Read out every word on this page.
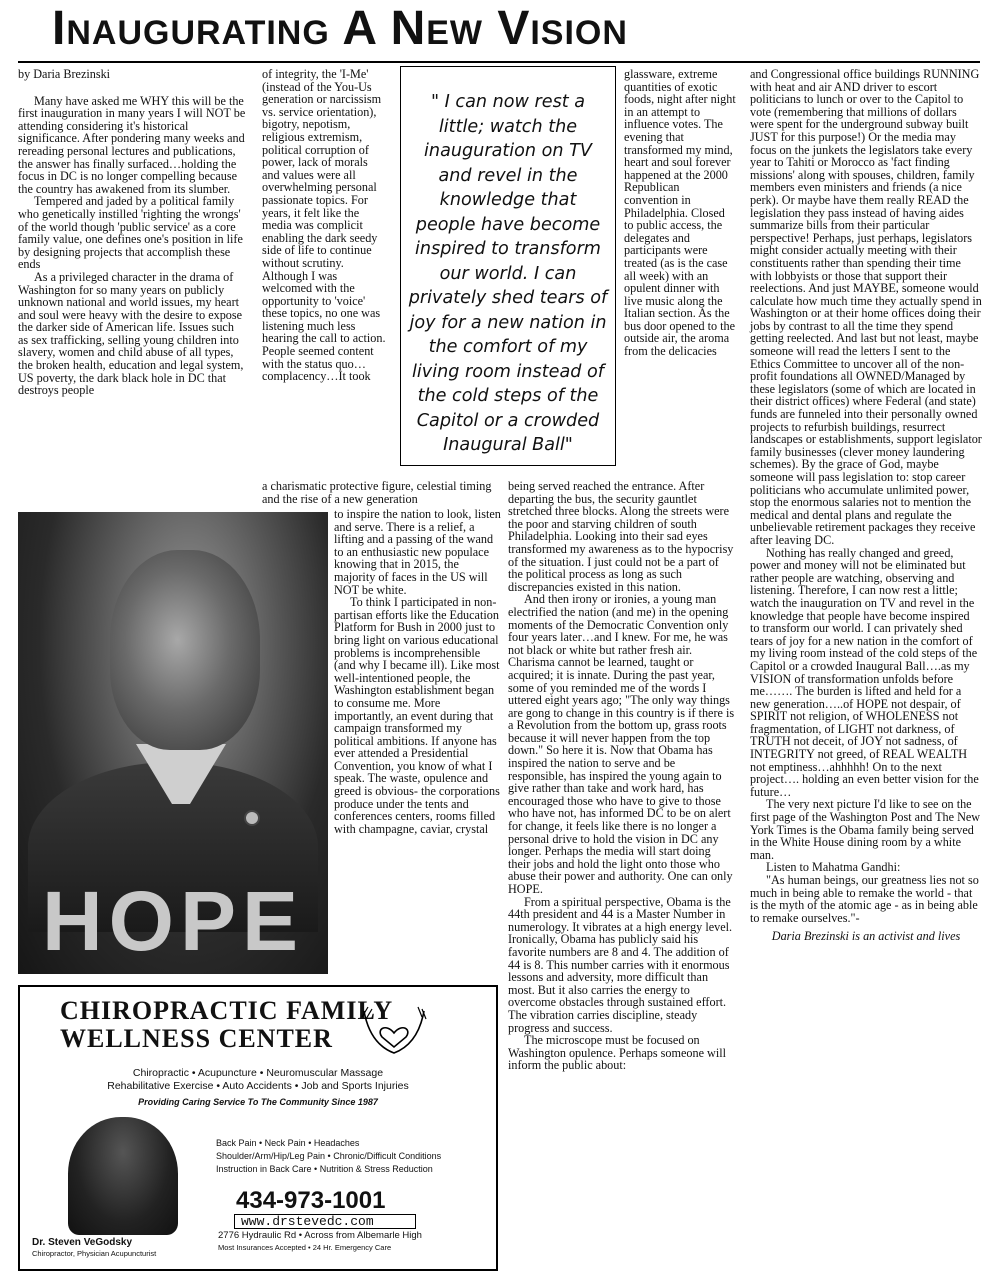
Inaugurating A New Vision

by Daria Brezinski

Many have asked me WHY this will be the first inauguration in many years I will NOT be attending considering it's historical significance. After pondering many weeks and rereading personal lectures and publications, the answer has finally surfaced…holding the focus in DC is no longer compelling because the country has awakened from its slumber.

Tempered and jaded by a political family who genetically instilled 'righting the wrongs' of the world though 'public service' as a core family value, one defines one's position in life by designing projects that accomplish these ends

As a privileged character in the drama of Washington for so many years on publicly unknown national and world issues, my heart and soul were heavy with the desire to expose the darker side of American life. Issues such as sex trafficking, selling young children into slavery, women and child abuse of all types, the broken health, education and legal system, US poverty, the dark black hole in DC that destroys people

of integrity, the 'I-Me' (instead of the You-Us generation or narcissism vs. service orientation), bigotry, nepotism, religious extremism, political corruption of power, lack of morals and values were all overwhelming personal passionate topics. For years, it felt like the media was complicit enabling the dark seedy side of life to continue without scrutiny. Although I was welcomed with the opportunity to 'voice' these topics, no one was listening much less hearing the call to action. People seemed content with the status quo…complacency…It took

a charismatic protective figure, celestial timing and the rise of a new generation

" I can now rest a little; watch the inauguration on TV and revel in the knowledge that people have become inspired to transform our world. I can privately shed tears of joy for a new nation in the comfort of my living room instead of the cold steps of the Capitol or a crowded Inaugural Ball"

glassware, extreme quantities of exotic foods, night after night in an attempt to influence votes. The evening that transformed my mind, heart and soul forever happened at the 2000 Republican convention in Philadelphia. Closed to public access, the delegates and participants were treated (as is the case all week) with an opulent dinner with live music along the Italian section. As the bus door opened to the outside air, the aroma from the delicacies

HOPE

to inspire the nation to look, listen and serve. There is a relief, a lifting and a passing of the wand to an enthusiastic new populace knowing that in 2015, the majority of faces in the US will NOT be white.

To think I participated in non-partisan efforts like the Education Platform for Bush in 2000 just to bring light on various educational problems is incomprehensible (and why I became ill). Like most well-intentioned people, the Washington establishment began to consume me. More importantly, an event during that campaign transformed my political ambitions. If anyone has ever attended a Presidential Convention, you know of what I speak. The waste, opulence and greed is obvious- the corporations produce under the tents and conferences centers, rooms filled with champagne, caviar, crystal

being served reached the entrance. After departing the bus, the security gauntlet stretched three blocks. Along the streets were the poor and starving children of south Philadelphia. Looking into their sad eyes transformed my awareness as to the hypocrisy of the situation. I just could not be a part of the political process as long as such discrepancies existed in this nation.

And then irony or ironies, a young man electrified the nation (and me) in the opening moments of the Democratic Convention only four years later…and I knew. For me, he was not black or white but rather fresh air. Charisma cannot be learned, taught or acquired; it is innate. During the past year, some of you reminded me of the words I uttered eight years ago; "The only way things are gong to change in this country is if there is a Revolution from the bottom up, grass roots because it will never happen from the top down." So here it is. Now that Obama has inspired the nation to serve and be responsible, has inspired the young again to give rather than take and work hard, has encouraged those who have to give to those who have not, has informed DC to be on alert for change, it feels like there is no longer a personal drive to hold the vision in DC any longer. Perhaps the media will start doing their jobs and hold the light onto those who abuse their power and authority. One can only HOPE.

From a spiritual perspective, Obama is the 44th president and 44 is a Master Number in numerology. It vibrates at a high energy level. Ironically, Obama has publicly said his favorite numbers are 8 and 4. The addition of 44 is 8. This number carries with it enormous lessons and adversity, more difficult than most. But it also carries the energy to overcome obstacles through sustained effort. The vibration carries discipline, steady progress and success.

The microscope must be focused on Washington opulence. Perhaps someone will inform the public about:

and Congressional office buildings RUNNING with heat and air AND driver to escort politicians to lunch or over to the Capitol to vote (remembering that millions of dollars were spent for the underground subway built JUST for this purpose!) Or the media may focus on the junkets the legislators take every year to Tahiti or Morocco as 'fact finding missions' along with spouses, children, family members even ministers and friends (a nice perk). Or maybe have them really READ the legislation they pass instead of having aides summarize bills from their particular perspective! Perhaps, just perhaps, legislators might consider actually meeting with their constituents rather than spending their time with lobbyists or those that support their reelections. And just MAYBE, someone would calculate how much time they actually spend in Washington or at their home offices doing their jobs by contrast to all the time they spend getting reelected. And last but not least, maybe someone will read the letters I sent to the Ethics Committee to uncover all of the non-profit foundations all OWNED/Managed by these legislators (some of which are located in their district offices) where Federal (and state) funds are funneled into their personally owned projects to refurbish buildings, resurrect landscapes or establishments, support legislator family businesses (clever money laundering schemes). By the grace of God, maybe someone will pass legislation to: stop career politicians who accumulate unlimited power, stop the enormous salaries not to mention the medical and dental plans and regulate the unbelievable retirement packages they receive after leaving DC.

Nothing has really changed and greed, power and money will not be eliminated but rather people are watching, observing and listening. Therefore, I can now rest a little; watch the inauguration on TV and revel in the knowledge that people have become inspired to transform our world. I can privately shed tears of joy for a new nation in the comfort of my living room instead of the cold steps of the Capitol or a crowded Inaugural Ball….as my VISION of transformation unfolds before me……. The burden is lifted and held for a new generation…..of HOPE not despair, of SPIRIT not religion, of WHOLENESS not fragmentation, of LIGHT not darkness, of TRUTH not deceit, of JOY not sadness, of INTEGRITY not greed, of REAL WEALTH not emptiness…ahhhhh! On to the next project…. holding an even better vision for the future…

The very next picture I'd like to see on the first page of the Washington Post and The New York Times is the Obama family being served in the White House dining room by a white man.

Listen to Mahatma Gandhi:

"As human beings, our greatness lies not so much in being able to remake the world - that is the myth of the atomic age - as in being able to remake ourselves."-

Daria Brezinski is an activist and lives

CHIROPRACTIC FAMILY
WELLNESS CENTER
Chiropractic • Acupuncture • Neuromuscular Massage
Rehabilitative Exercise • Auto Accidents • Job and Sports Injuries
Providing Caring Service To The Community Since 1987
Back Pain • Neck Pain • Headaches
Shoulder/Arm/Hip/Leg Pain • Chronic/Difficult Conditions
Instruction in Back Care • Nutrition & Stress Reduction
434-973-1001
www.drstevedc.com
2776 Hydraulic Rd • Across from Albemarle High
Most Insurances Accepted • 24 Hr. Emergency Care
Dr. Steven VeGodsky
Chiropractor, Physician Acupuncturist
